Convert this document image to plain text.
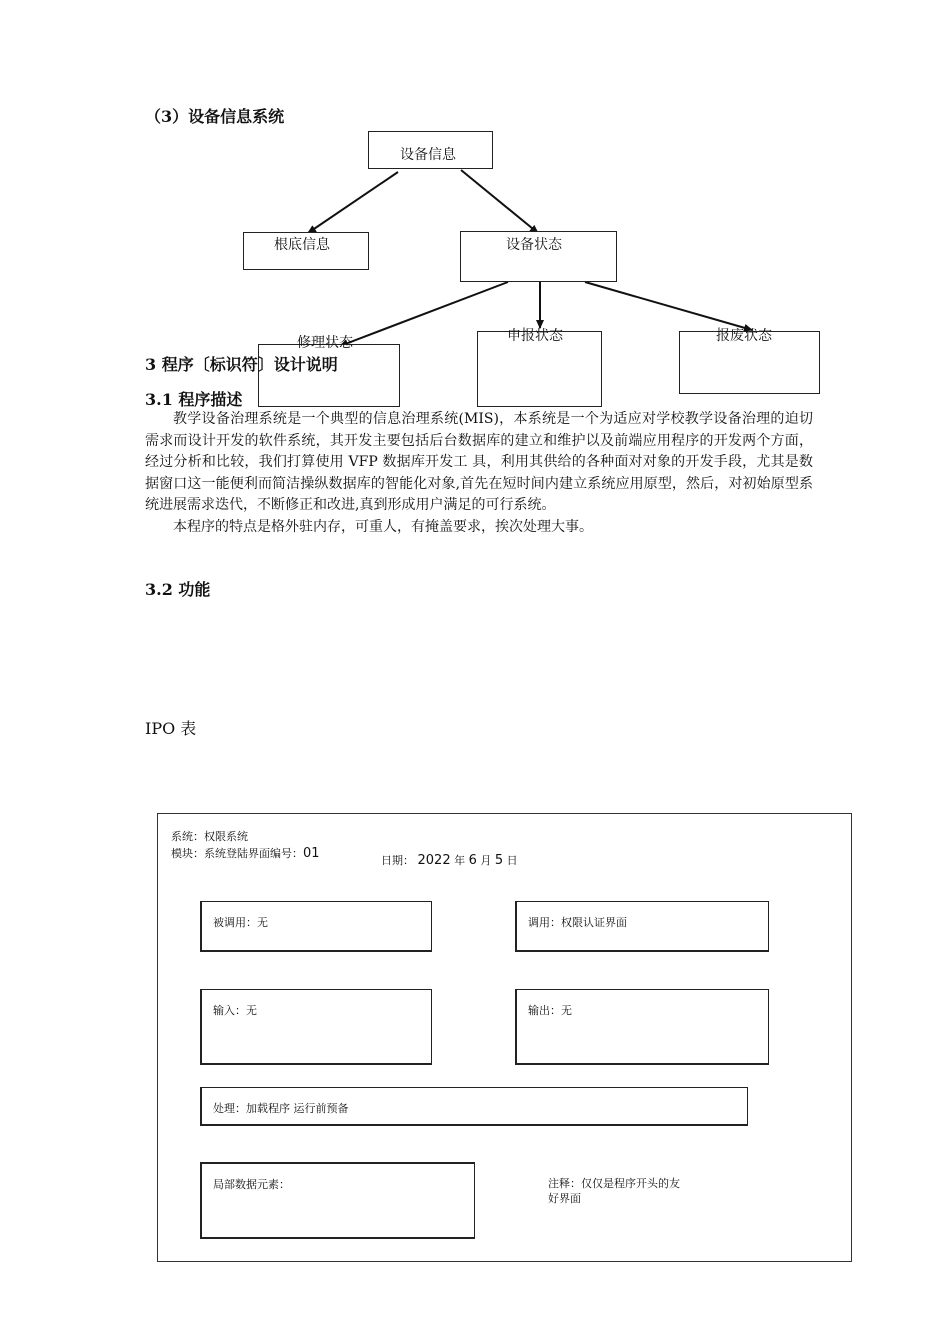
（3）设备信息系统
设备信息
根底信息	设备状态
修理状态	申报状态	报废状态
3 程序〔标识符〕设计说明
3.1 程序描述

教学设备治理系统是一个典型的信息治理系统(MIS)，本系统是一个为适应对学校教学设备治理的迫切需求而设计开发的软件系统，其开发主要包括后台数据库的建立和维护以及前端应用程序的开发两个方面，经过分析和比较，我们打算使用 VFP 数据库开发工 具，利用其供给的各种面对对象的开发手段，尤其是数据窗口这一能便利而简洁操纵数据库的智能化对象,首先在短时间内建立系统应用原型，然后，对初始原型系 统进展需求迭代，不断修正和改进,真到形成用户满足的可行系统。

本程序的特点是格外驻内存，可重人，有掩盖要求，挨次处理大事。

3.2 功能
IPO 表
系统：权限系统
模块：系统登陆界面编号：01	日期： 2022 年 6 月 5 日
被调用：无	调用：权限认证界面
输入：无	输出：无
处理：加载程序 运行前预备
局部数据元素：	注释：仅仅是程序开头的友
好界面
